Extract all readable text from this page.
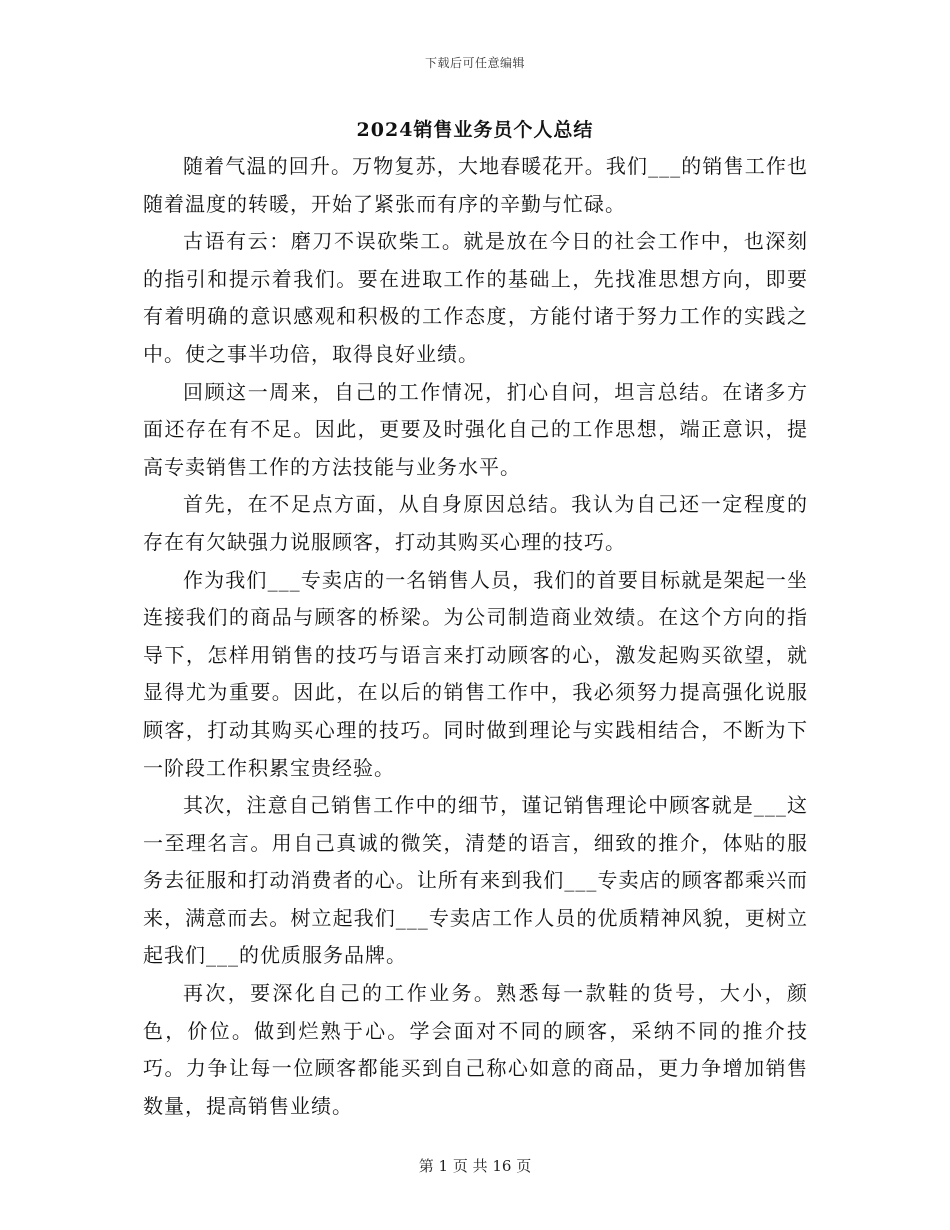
下载后可任意编辑
2024销售业务员个人总结

随着气温的回升。万物复苏，大地春暖花开。我们___的销售工作也随着温度的转暖，开始了紧张而有序的辛勤与忙碌。

古语有云：磨刀不误砍柴工。就是放在今日的社会工作中，也深刻的指引和提示着我们。要在进取工作的基础上，先找准思想方向，即要有着明确的意识感观和积极的工作态度，方能付诸于努力工作的实践之中。使之事半功倍，取得良好业绩。

回顾这一周来，自己的工作情况，扪心自问，坦言总结。在诸多方面还存在有不足。因此，更要及时强化自己的工作思想，端正意识，提高专卖销售工作的方法技能与业务水平。

首先，在不足点方面，从自身原因总结。我认为自己还一定程度的存在有欠缺强力说服顾客，打动其购买心理的技巧。

作为我们___专卖店的一名销售人员，我们的首要目标就是架起一坐连接我们的商品与顾客的桥梁。为公司制造商业效绩。在这个方向的指导下，怎样用销售的技巧与语言来打动顾客的心，激发起购买欲望，就显得尤为重要。因此，在以后的销售工作中，我必须努力提高强化说服顾客，打动其购买心理的技巧。同时做到理论与实践相结合，不断为下一阶段工作积累宝贵经验。

其次，注意自己销售工作中的细节，谨记销售理论中顾客就是___这一至理名言。用自己真诚的微笑，清楚的语言，细致的推介，体贴的服务去征服和打动消费者的心。让所有来到我们___专卖店的顾客都乘兴而来，满意而去。树立起我们___专卖店工作人员的优质精神风貌，更树立起我们___的优质服务品牌。

再次，要深化自己的工作业务。熟悉每一款鞋的货号，大小，颜色，价位。做到烂熟于心。学会面对不同的顾客，采纳不同的推介技巧。力争让每一位顾客都能买到自己称心如意的商品，更力争增加销售数量，提高销售业绩。

第 1 页 共 16 页
